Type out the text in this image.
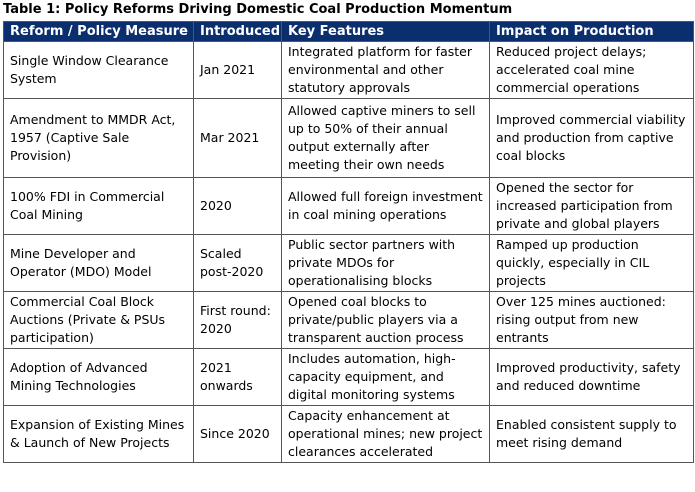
Table 1: Policy Reforms Driving Domestic Coal Production Momentum
Reform / Policy Measure	Introduced	Key Features	Impact on Production
Single Window Clearance System	Jan 2021	Integrated platform for faster environmental and other statutory approvals	Reduced project delays; accelerated coal mine commercial operations
Amendment to MMDR Act, 1957 (Captive Sale Provision)	Mar 2021	Allowed captive miners to sell up to 50% of their annual output externally after meeting their own needs	Improved commercial viability and production from captive coal blocks
100% FDI in Commercial Coal Mining	2020	Allowed full foreign investment in coal mining operations	Opened the sector for increased participation from private and global players
Mine Developer and Operator (MDO) Model	Scaled post-2020	Public sector partners with private MDOs for operationalising blocks	Ramped up production quickly, especially in CIL projects
Commercial Coal Block Auctions (Private & PSUs participation)	First round: 2020	Opened coal blocks to private/public players via a transparent auction process	Over 125 mines auctioned: rising output from new entrants
Adoption of Advanced Mining Technologies	2021 onwards	Includes automation, high-capacity equipment, and digital monitoring systems	Improved productivity, safety and reduced downtime
Expansion of Existing Mines & Launch of New Projects	Since 2020	Capacity enhancement at operational mines; new project clearances accelerated	Enabled consistent supply to meet rising demand
